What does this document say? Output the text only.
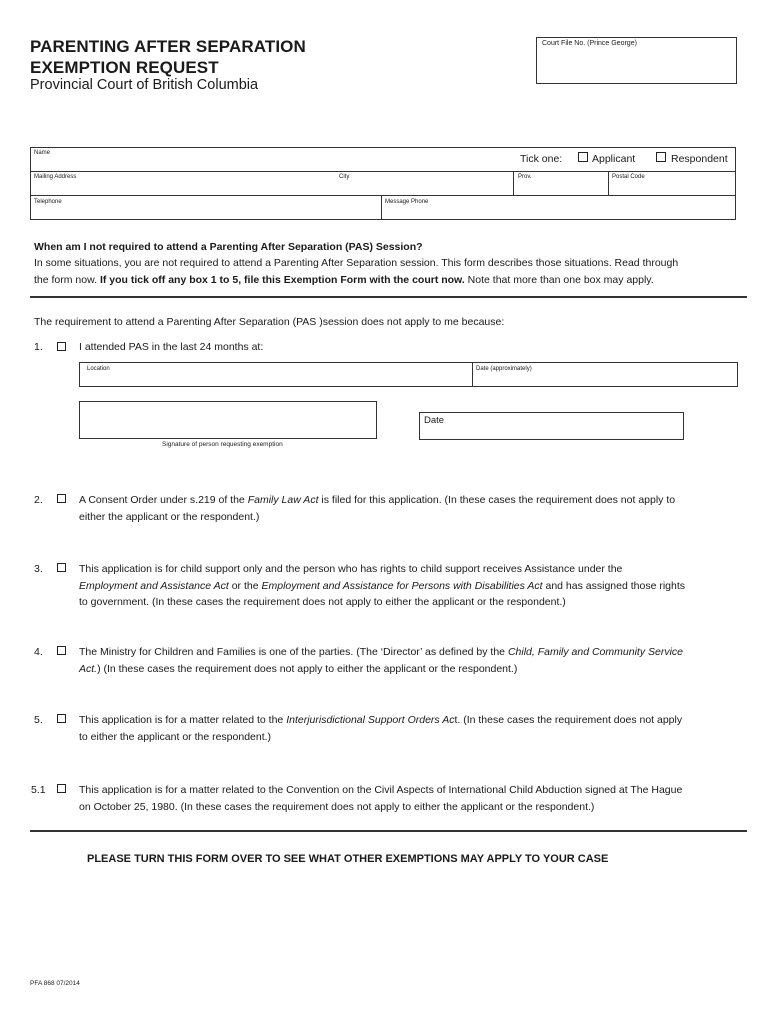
PARENTING AFTER SEPARATION
EXEMPTION REQUEST
Provincial Court of British Columbia
Court File No. (Prince George)
Name	Tick one:	Applicant	Respondent
Mailing Address	City	Prov.	Postal Code
Telephone	Message Phone
When am I not required to attend a Parenting After Separation (PAS) Session?
In some situations, you are not required to attend a Parenting After Separation session. This form describes those situations. Read through
the form now. If you tick off any box 1 to 5, file this Exemption Form with the court now. Note that more than one box may apply.
The requirement to attend a Parenting After Separation (PAS )session does not apply to me because:
1.	I attended PAS in the last 24 months at:
Location	Date (approximately)
Signature of person requesting exemption
Date
2.	A Consent Order under s.219 of the Family Law Act is filed for this application. (In these cases the requirement does not apply to
either the applicant or the respondent.)
3.	This application is for child support only and the person who has rights to child support receives Assistance under the
Employment and Assistance Act or the Employment and Assistance for Persons with Disabilities Act and has assigned those rights
to government. (In these cases the requirement does not apply to either the applicant or the respondent.)
4.	The Ministry for Children and Families is one of the parties. (The ‘Director’ as defined by the Child, Family and Community Service
Act.) (In these cases the requirement does not apply to either the applicant or the respondent.)
5.	This application is for a matter related to the Interjurisdictional Support Orders Act. (In these cases the requirement does not apply
to either the applicant or the respondent.)
5.1	This application is for a matter related to the Convention on the Civil Aspects of International Child Abduction signed at The Hague
on October 25, 1980. (In these cases the requirement does not apply to either the applicant or the respondent.)
PLEASE TURN THIS FORM OVER TO SEE WHAT OTHER EXEMPTIONS MAY APPLY TO YOUR CASE
PFA 868 07/2014
